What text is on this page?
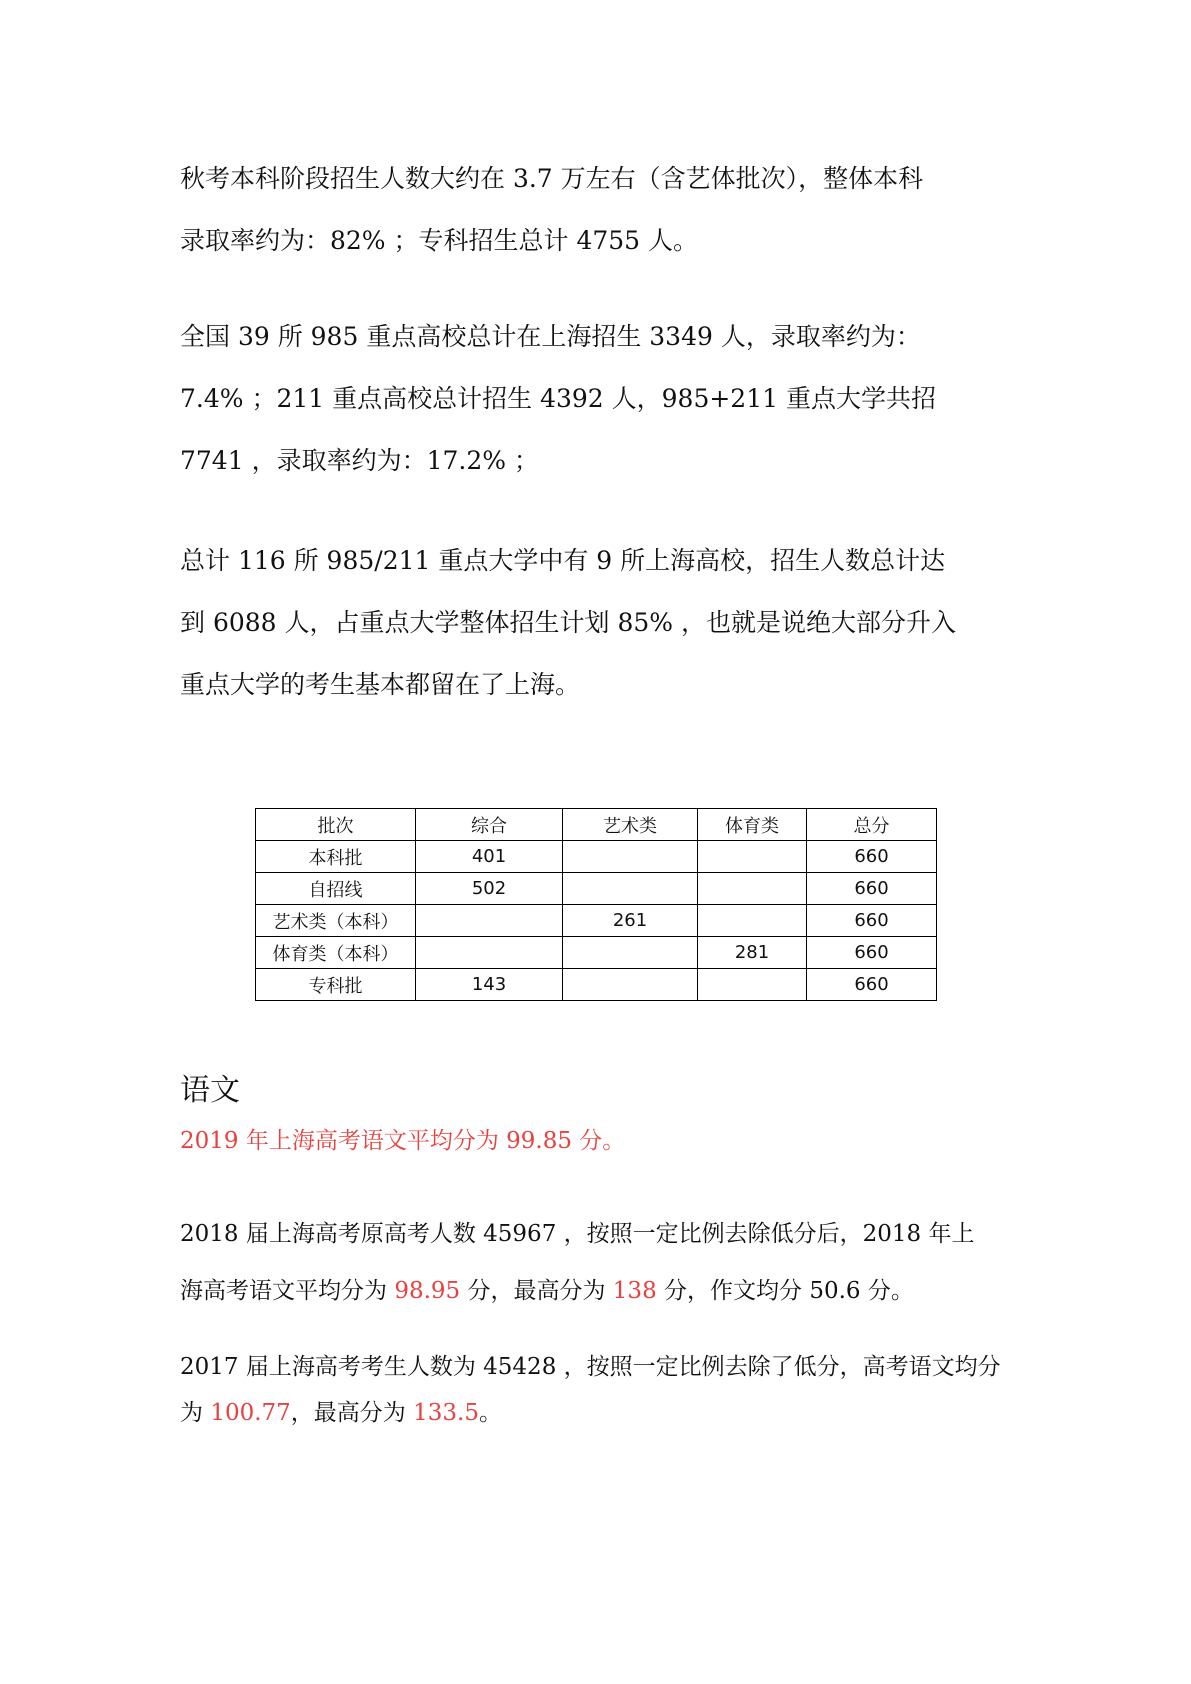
秋考本科阶段招生人数大约在 3.7 万左右（含艺体批次），整体本科
录取率约为：82% ；专科招生总计 4755 人。
全国 39 所 985 重点高校总计在上海招生 3349 人，录取率约为：
7.4% ；211 重点高校总计招生 4392 人，985+211 重点大学共招
7741 ，录取率约为：17.2% ；
总计 116 所 985/211 重点大学中有 9 所上海高校，招生人数总计达
到 6088 人，占重点大学整体招生计划 85% ，也就是说绝大部分升入
重点大学的考生基本都留在了上海。
批次	综合	艺术类	体育类	总分
本科批	401			660
自招线	502			660
艺术类（本科）		261		660
体育类（本科）			281	660
专科批	143			660
语文
2019 年上海高考语文平均分为 99.85 分。
2018 届上海高考原高考人数 45967 ，按照一定比例去除低分后，2018 年上
海高考语文平均分为 98.95 分，最高分为 138 分，作文均分 50.6 分。
2017 届上海高考考生人数为 45428 ，按照一定比例去除了低分，高考语文均分
为 100.77，最高分为 133.5。
